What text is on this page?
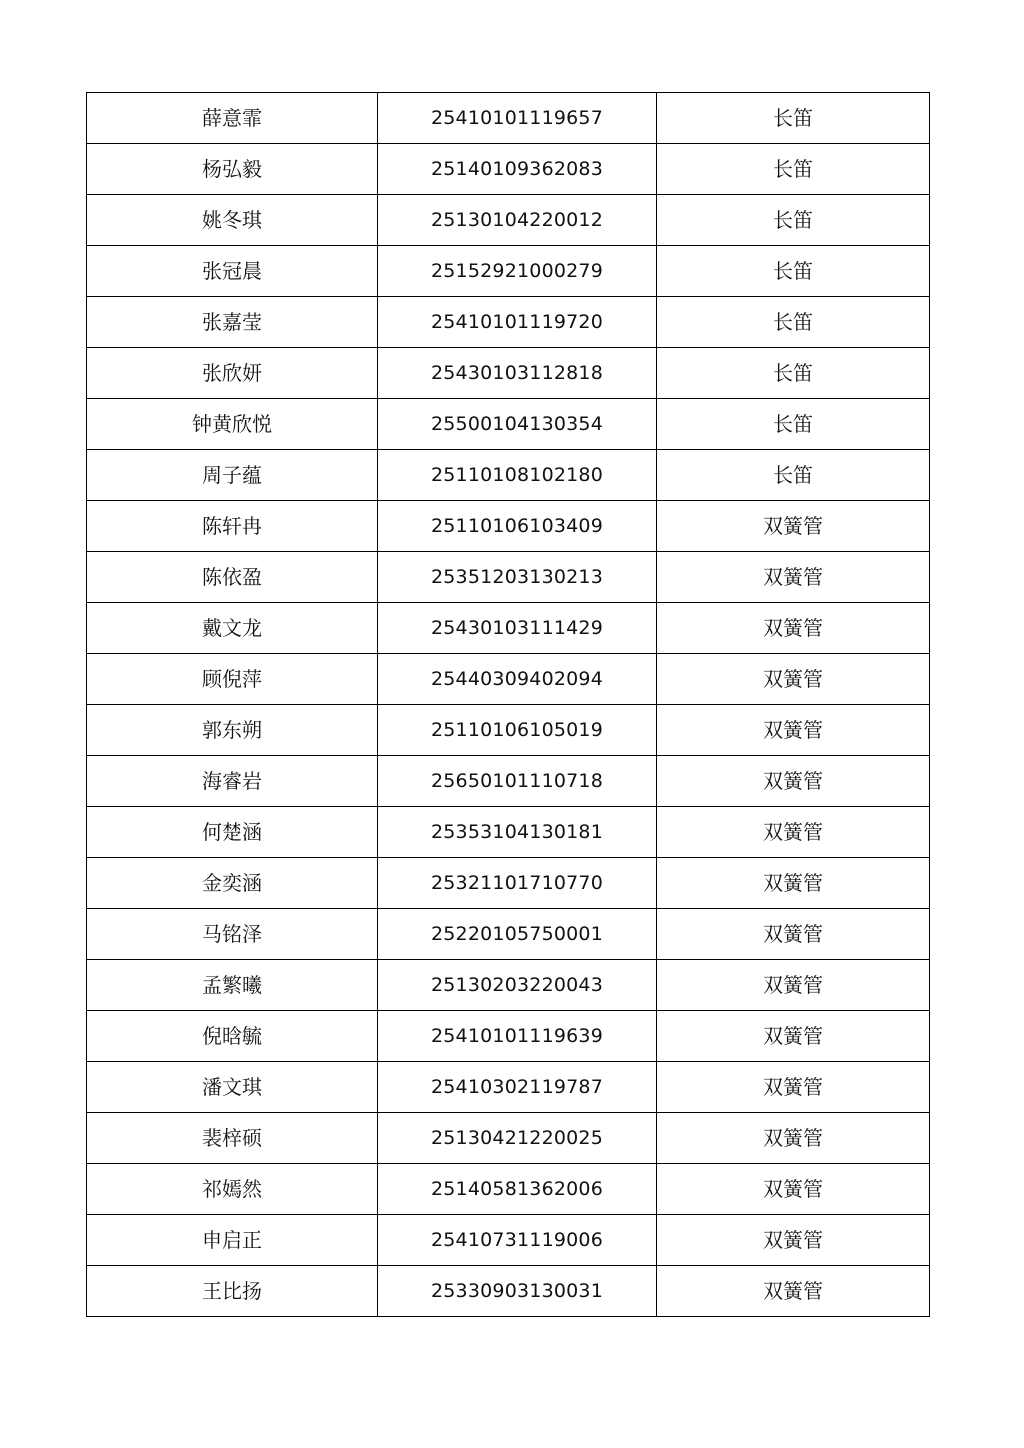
薛意霏	25410101119657	长笛
杨弘毅	25140109362083	长笛
姚冬琪	25130104220012	长笛
张冠晨	25152921000279	长笛
张嘉莹	25410101119720	长笛
张欣妍	25430103112818	长笛
钟黄欣悦	25500104130354	长笛
周子蕴	25110108102180	长笛
陈轩冉	25110106103409	双簧管
陈依盈	25351203130213	双簧管
戴文龙	25430103111429	双簧管
顾倪萍	25440309402094	双簧管
郭东朔	25110106105019	双簧管
海睿岩	25650101110718	双簧管
何楚涵	25353104130181	双簧管
金奕涵	25321101710770	双簧管
马铭泽	25220105750001	双簧管
孟繁曦	25130203220043	双簧管
倪晗毓	25410101119639	双簧管
潘文琪	25410302119787	双簧管
裴梓硕	25130421220025	双簧管
祁嫣然	25140581362006	双簧管
申启正	25410731119006	双簧管
王比扬	25330903130031	双簧管
